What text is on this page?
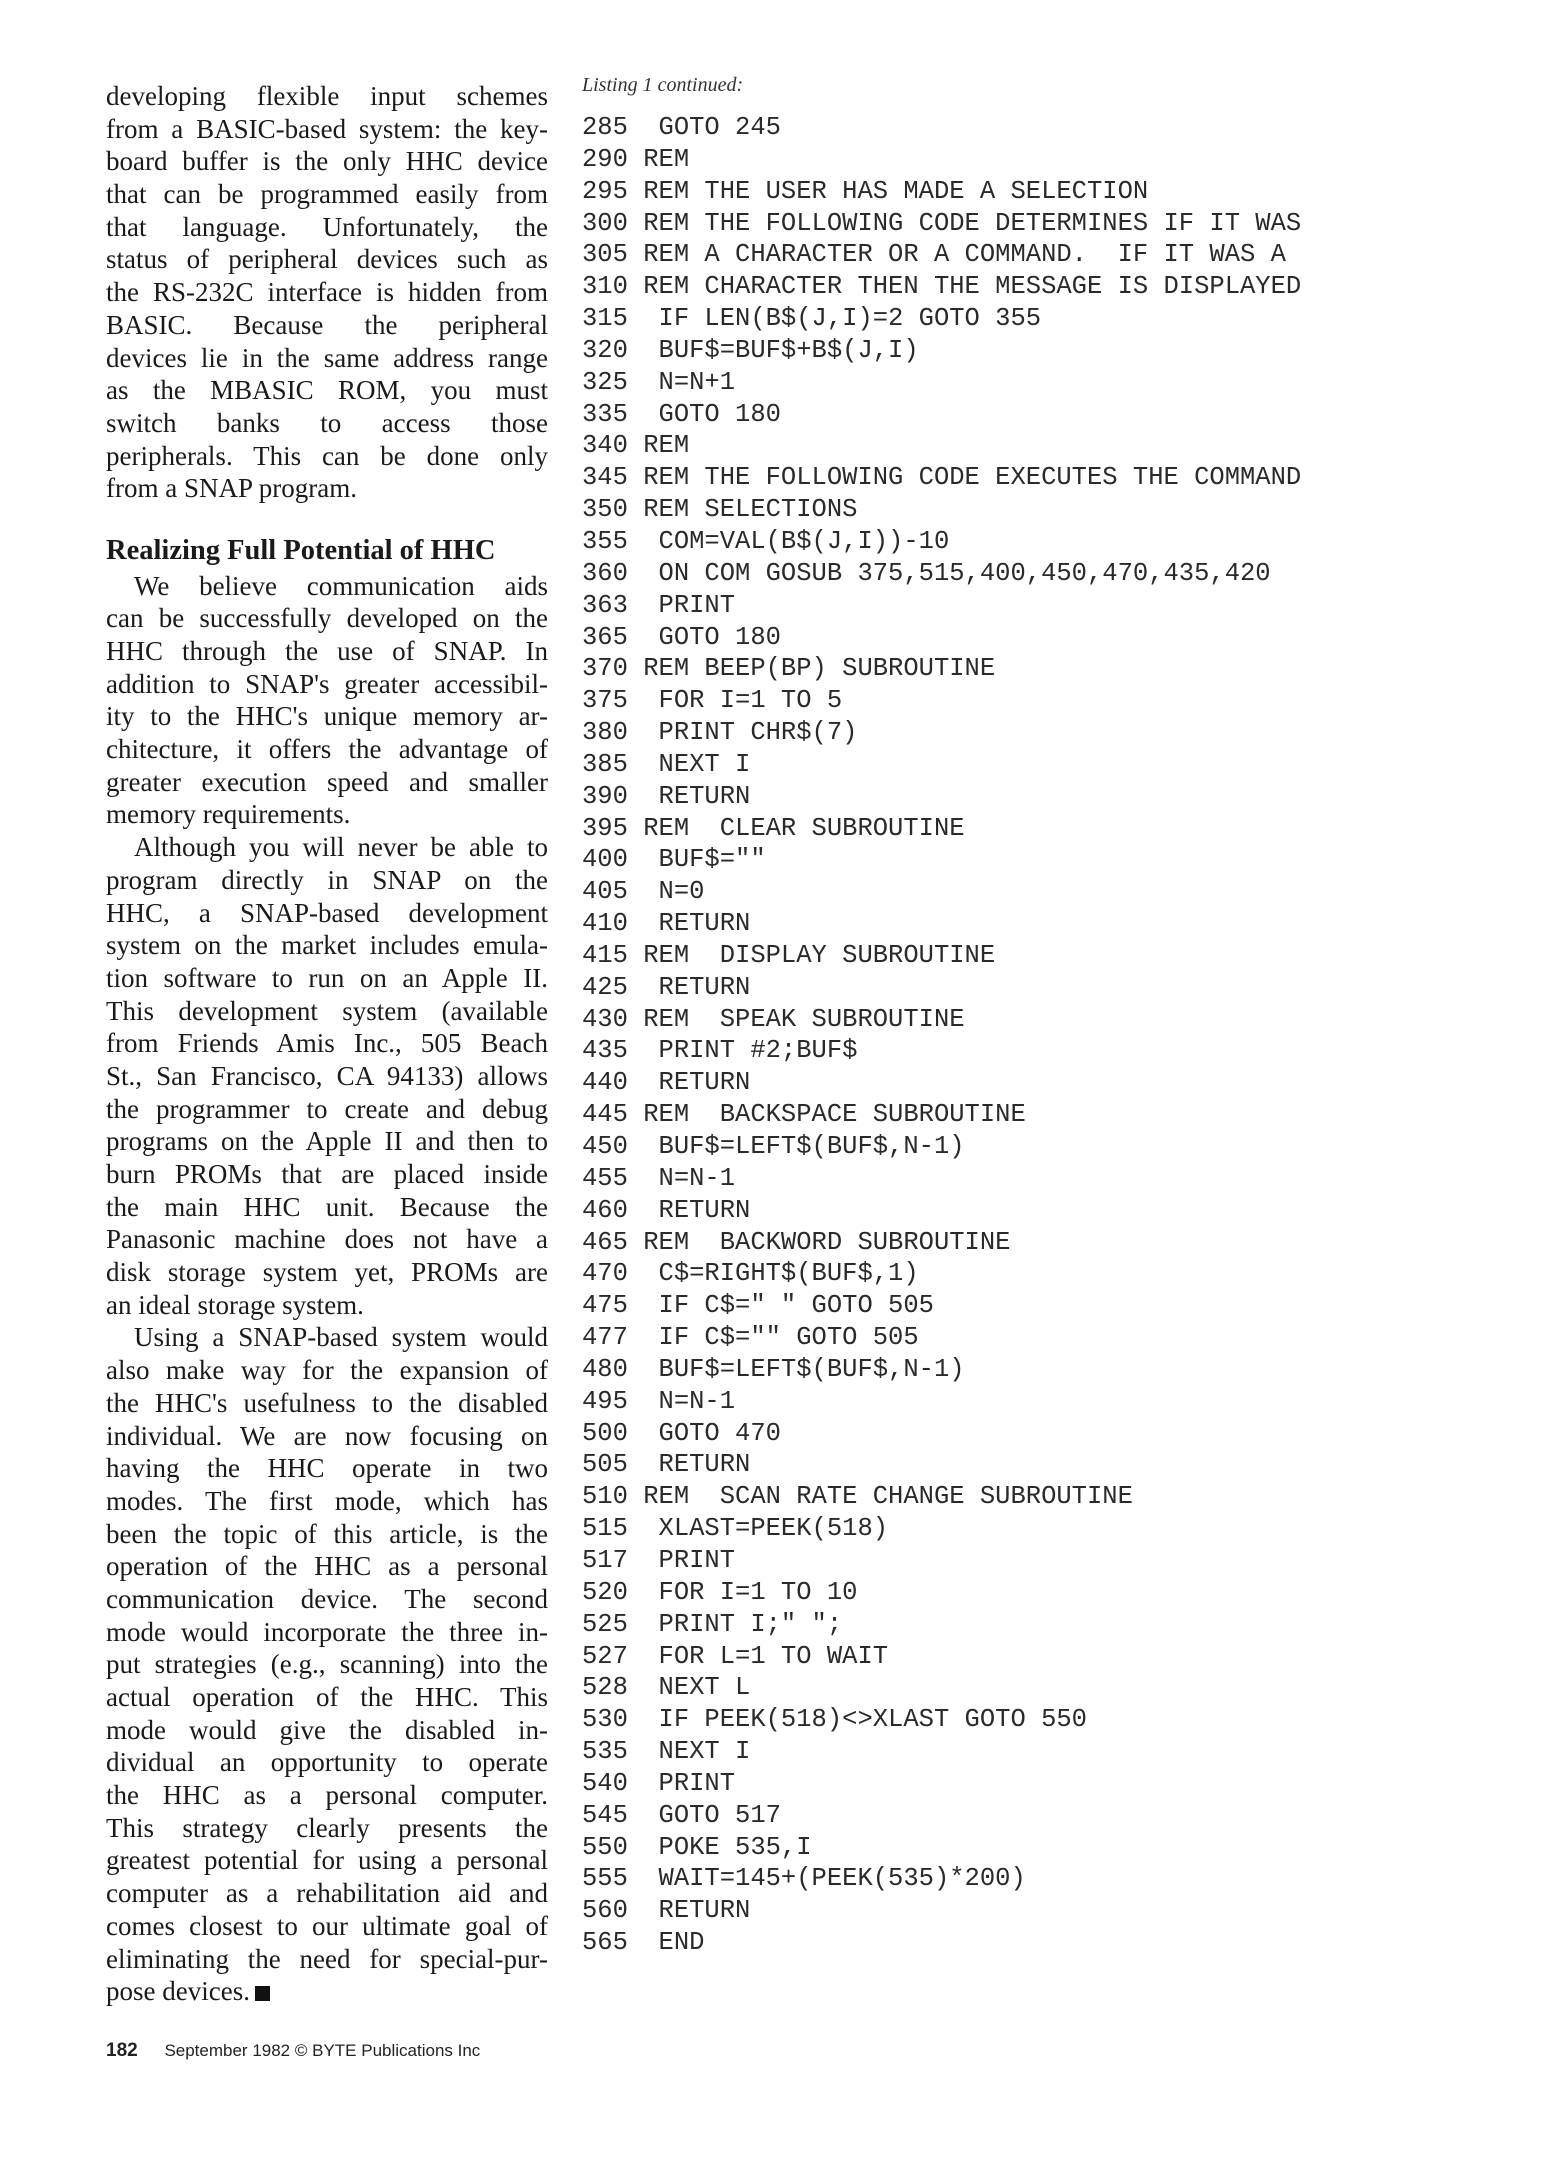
developing flexible input schemes
from a BASIC-based system: the key-
board buffer is the only HHC device
that can be programmed easily from
that language. Unfortunately, the
status of peripheral devices such as
the RS-232C interface is hidden from
BASIC. Because the peripheral
devices lie in the same address range
as the MBASIC ROM, you must
switch banks to access those
peripherals. This can be done only
from a SNAP program.
Realizing Full Potential of HHC
We believe communication aids
can be successfully developed on the
HHC through the use of SNAP. In
addition to SNAP's greater accessibil-
ity to the HHC's unique memory ar-
chitecture, it offers the advantage of
greater execution speed and smaller
memory requirements.
Although you will never be able to
program directly in SNAP on the
HHC, a SNAP-based development
system on the market includes emula-
tion software to run on an Apple II.
This development system (available
from Friends Amis Inc., 505 Beach
St., San Francisco, CA 94133) allows
the programmer to create and debug
programs on the Apple II and then to
burn PROMs that are placed inside
the main HHC unit. Because the
Panasonic machine does not have a
disk storage system yet, PROMs are
an ideal storage system.
Using a SNAP-based system would
also make way for the expansion of
the HHC's usefulness to the disabled
individual. We are now focusing on
having the HHC operate in two
modes. The first mode, which has
been the topic of this article, is the
operation of the HHC as a personal
communication device. The second
mode would incorporate the three in-
put strategies (e.g., scanning) into the
actual operation of the HHC. This
mode would give the disabled in-
dividual an opportunity to operate
the HHC as a personal computer.
This strategy clearly presents the
greatest potential for using a personal
computer as a rehabilitation aid and
comes closest to our ultimate goal of
eliminating the need for special-pur-
pose devices.
Listing 1 continued:
285  GOTO 245
290 REM
295 REM THE USER HAS MADE A SELECTION
300 REM THE FOLLOWING CODE DETERMINES IF IT WAS
305 REM A CHARACTER OR A COMMAND.  IF IT WAS A
310 REM CHARACTER THEN THE MESSAGE IS DISPLAYED
315  IF LEN(B$(J,I)=2 GOTO 355
320  BUF$=BUF$+B$(J,I)
325  N=N+1
335  GOTO 180
340 REM
345 REM THE FOLLOWING CODE EXECUTES THE COMMAND
350 REM SELECTIONS
355  COM=VAL(B$(J,I))-10
360  ON COM GOSUB 375,515,400,450,470,435,420
363  PRINT
365  GOTO 180
370 REM BEEP(BP) SUBROUTINE
375  FOR I=1 TO 5
380  PRINT CHR$(7)
385  NEXT I
390  RETURN
395 REM  CLEAR SUBROUTINE
400  BUF$=""
405  N=0
410  RETURN
415 REM  DISPLAY SUBROUTINE
425  RETURN
430 REM  SPEAK SUBROUTINE
435  PRINT #2;BUF$
440  RETURN
445 REM  BACKSPACE SUBROUTINE
450  BUF$=LEFT$(BUF$,N-1)
455  N=N-1
460  RETURN
465 REM  BACKWORD SUBROUTINE
470  C$=RIGHT$(BUF$,1)
475  IF C$=" " GOTO 505
477  IF C$="" GOTO 505
480  BUF$=LEFT$(BUF$,N-1)
495  N=N-1
500  GOTO 470
505  RETURN
510 REM  SCAN RATE CHANGE SUBROUTINE
515  XLAST=PEEK(518)
517  PRINT
520  FOR I=1 TO 10
525  PRINT I;" ";
527  FOR L=1 TO WAIT
528  NEXT L
530  IF PEEK(518)<>XLAST GOTO 550
535  NEXT I
540  PRINT
545  GOTO 517
550  POKE 535,I
555  WAIT=145+(PEEK(535)*200)
560  RETURN
565  END
182 September 1982 © BYTE Publications Inc
